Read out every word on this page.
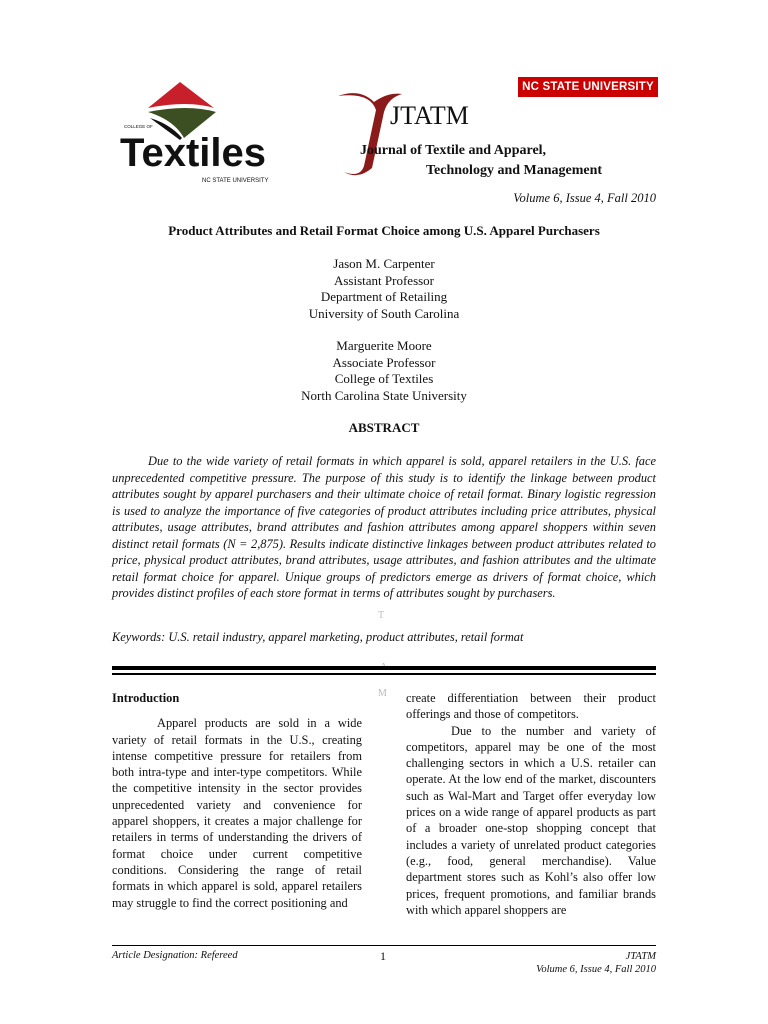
COLLEGE OF
Textiles
NC STATE UNIVERSITY
JTATM
Journal of Textile and Apparel,
Technology and Management
NC STATE UNIVERSITY
Volume 6, Issue 4, Fall 2010
Product Attributes and Retail Format Choice among U.S. Apparel Purchasers
Jason M. Carpenter
Assistant Professor
Department of Retailing
University of South Carolina
Marguerite Moore
Associate Professor
College of Textiles
North Carolina State University
ABSTRACT

Due to the wide variety of retail formats in which apparel is sold, apparel retailers in the U.S. face unprecedented competitive pressure. The purpose of this study is to identify the linkage between product attributes sought by apparel purchasers and their ultimate choice of retail format. Binary logistic regression is used to analyze the importance of five categories of product attributes including price attributes, physical attributes, usage attributes, brand attributes and fashion attributes among apparel shoppers within seven distinct retail formats (N = 2,875). Results indicate distinctive linkages between product attributes related to price, physical product attributes, brand attributes, usage attributes, and fashion attributes and the ultimate retail format choice for apparel. Unique groups of predictors emerge as drivers of format choice, which provides distinct profiles of each store format in terms of attributes sought by purchasers.

Keywords: U.S. retail industry, apparel marketing, product attributes, retail format
T
M

Introduction

Apparel products are sold in a wide variety of retail formats in the U.S., creating intense competitive pressure for retailers from both intra-type and inter-type competitors. While the competitive intensity in the sector provides unprecedented variety and convenience for apparel shoppers, it creates a major challenge for retailers in terms of understanding the drivers of format choice under current competitive conditions. Considering the range of retail formats in which apparel is sold, apparel retailers may struggle to find the correct positioning and

create differentiation between their product offerings and those of competitors.

Due to the number and variety of competitors, apparel may be one of the most challenging sectors in which a U.S. retailer can operate. At the low end of the market, discounters such as Wal-Mart and Target offer everyday low prices on a wide range of apparel products as part of a broader one-stop shopping concept that includes a variety of unrelated product categories (e.g., food, general merchandise). Value department stores such as Kohl’s also offer low prices, frequent promotions, and familiar brands with which apparel shoppers are

Article Designation: Refereed	1	JTATM
Volume 6, Issue 4, Fall 2010
